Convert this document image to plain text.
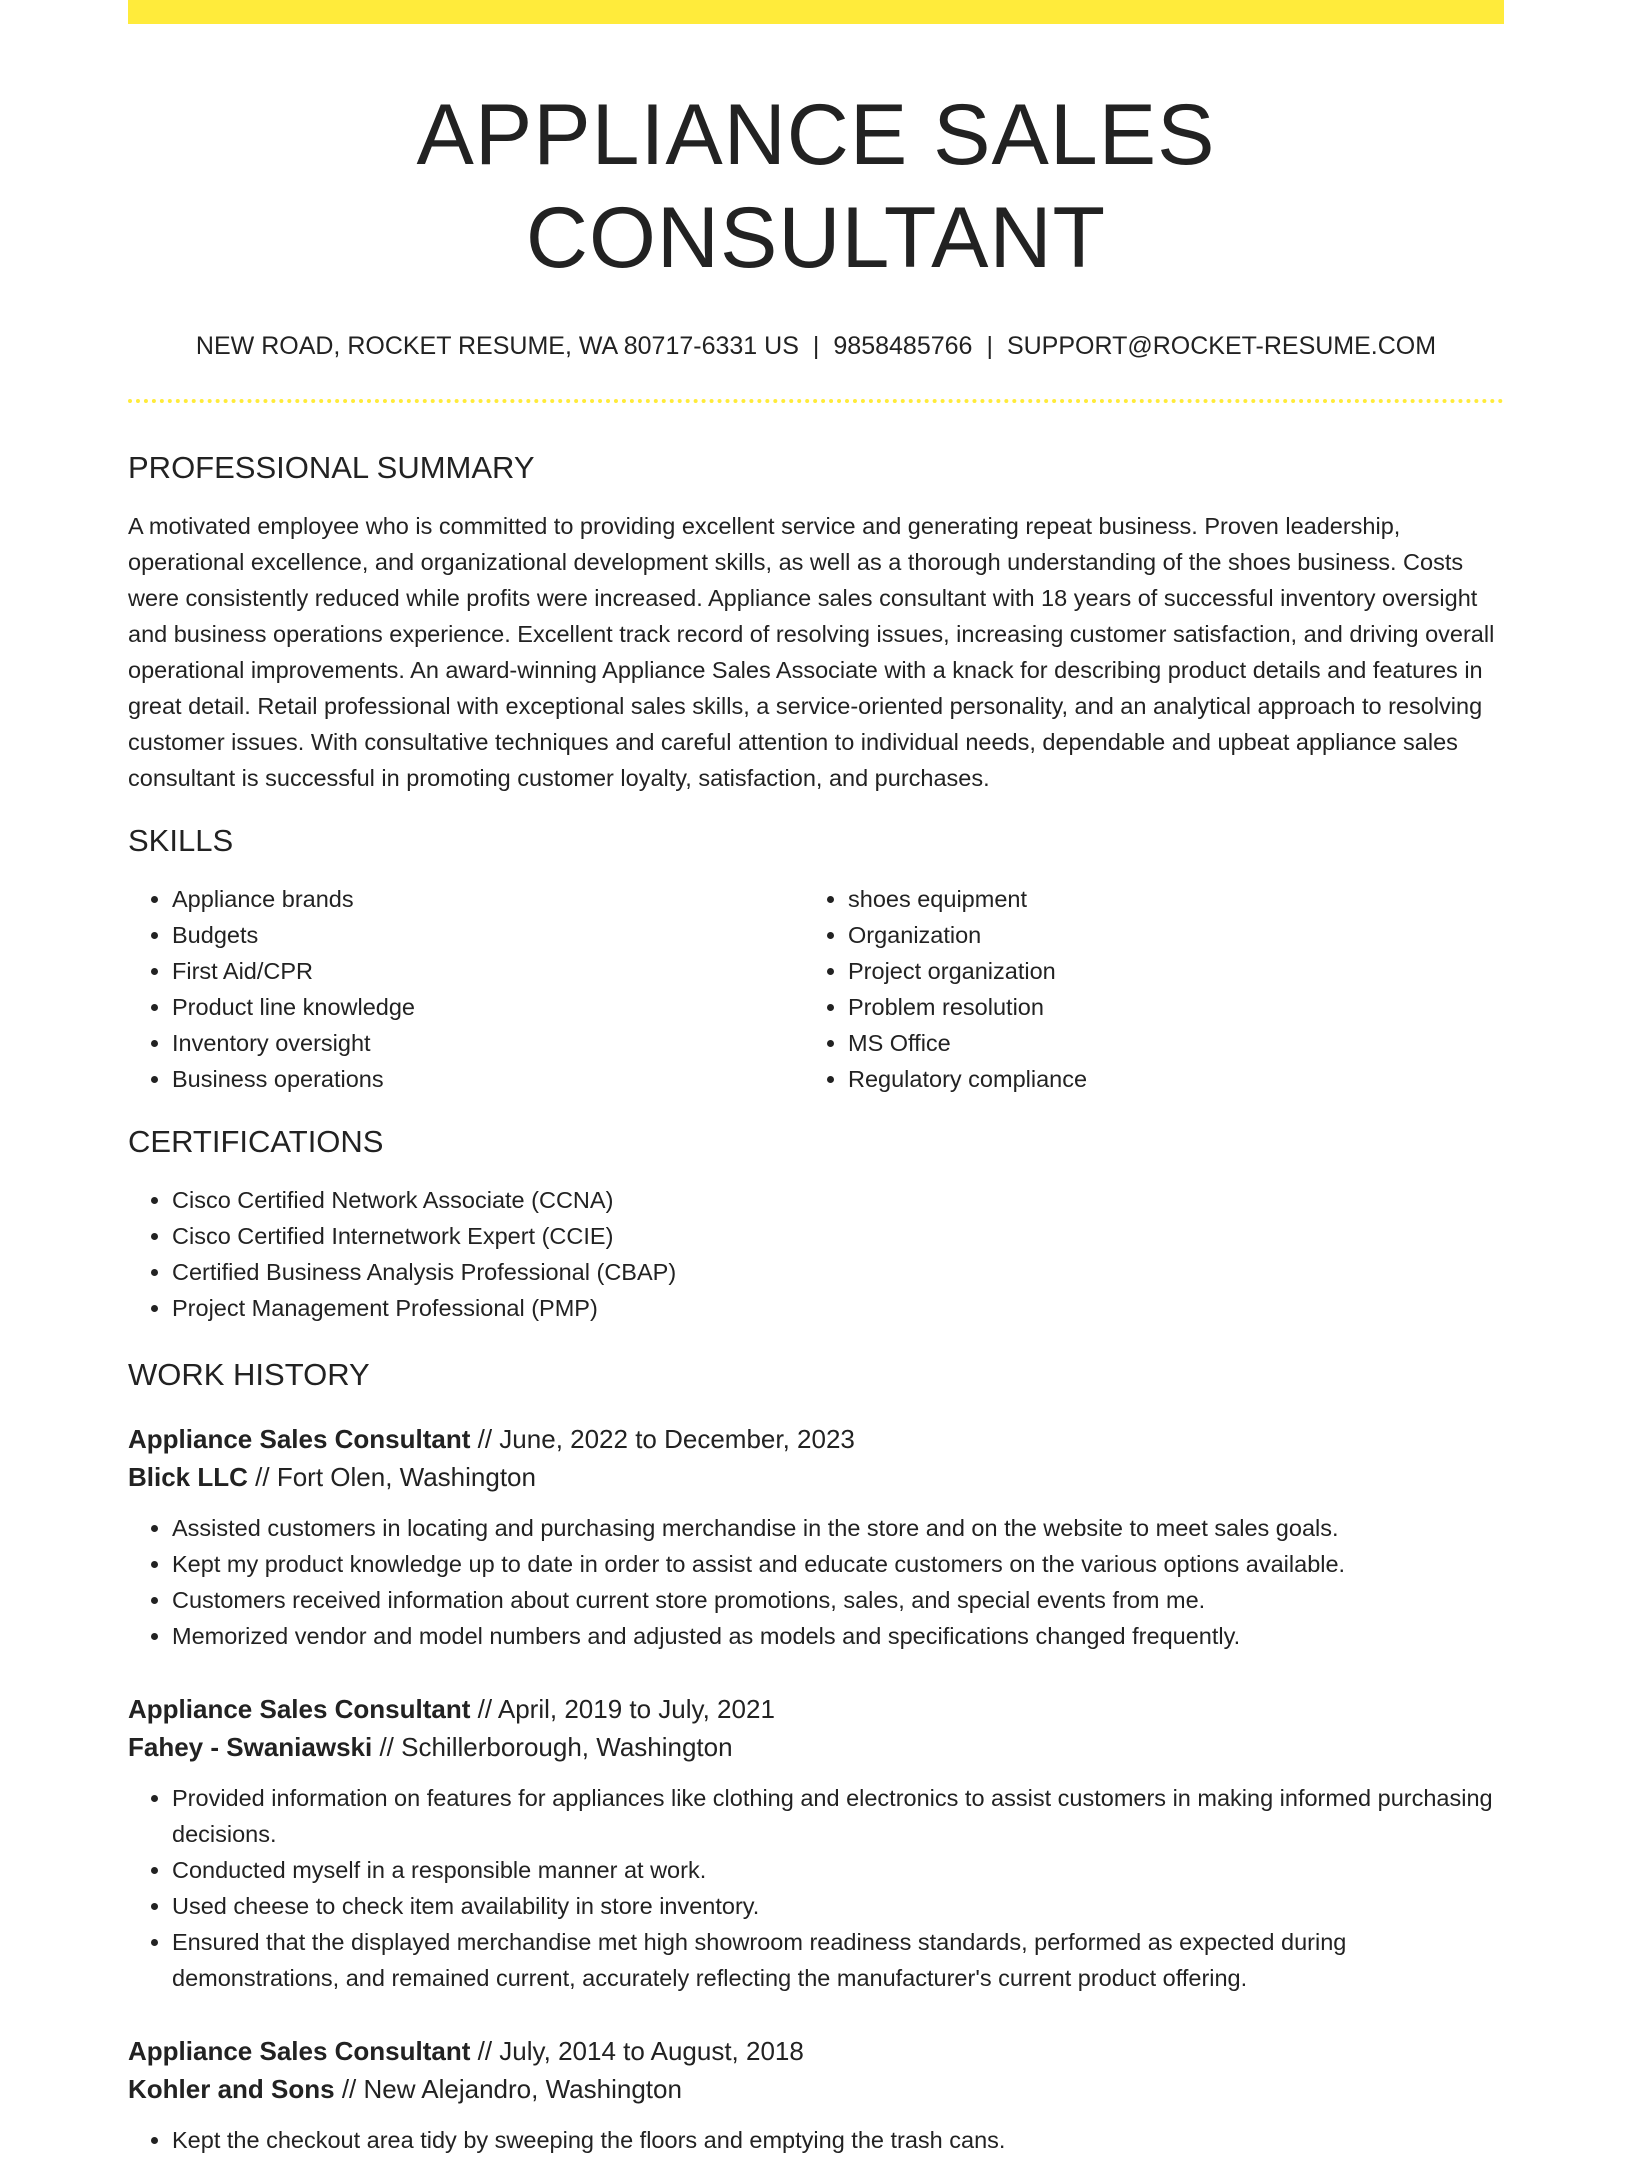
APPLIANCE SALES CONSULTANT
NEW ROAD, ROCKET RESUME, WA 80717-6331 US | 9858485766 | SUPPORT@ROCKET-RESUME.COM
PROFESSIONAL SUMMARY

A motivated employee who is committed to providing excellent service and generating repeat business. Proven leadership, operational excellence, and organizational development skills, as well as a thorough understanding of the shoes business. Costs were consistently reduced while profits were increased. Appliance sales consultant with 18 years of successful inventory oversight and business operations experience. Excellent track record of resolving issues, increasing customer satisfaction, and driving overall operational improvements. An award-winning Appliance Sales Associate with a knack for describing product details and features in great detail. Retail professional with exceptional sales skills, a service-oriented personality, and an analytical approach to resolving customer issues. With consultative techniques and careful attention to individual needs, dependable and upbeat appliance sales consultant is successful in promoting customer loyalty, satisfaction, and purchases.

SKILLS
• Appliance brands
• Budgets
• First Aid/CPR
• Product line knowledge
• Inventory oversight
• Business operations
• shoes equipment
• Organization
• Project organization
• Problem resolution
• MS Office
• Regulatory compliance
CERTIFICATIONS
• Cisco Certified Network Associate (CCNA)
• Cisco Certified Internetwork Expert (CCIE)
• Certified Business Analysis Professional (CBAP)
• Project Management Professional (PMP)
WORK HISTORY
Appliance Sales Consultant // June, 2022 to December, 2023
Blick LLC // Fort Olen, Washington
• Assisted customers in locating and purchasing merchandise in the store and on the website to meet sales goals.
• Kept my product knowledge up to date in order to assist and educate customers on the various options available.
• Customers received information about current store promotions, sales, and special events from me.
• Memorized vendor and model numbers and adjusted as models and specifications changed frequently.
Appliance Sales Consultant // April, 2019 to July, 2021
Fahey - Swaniawski // Schillerborough, Washington
• Provided information on features for appliances like clothing and electronics to assist customers in making informed purchasing decisions.
• Conducted myself in a responsible manner at work.
• Used cheese to check item availability in store inventory.
• Ensured that the displayed merchandise met high showroom readiness standards, performed as expected during demonstrations, and remained current, accurately reflecting the manufacturer's current product offering.
Appliance Sales Consultant // July, 2014 to August, 2018
Kohler and Sons // New Alejandro, Washington
• Kept the checkout area tidy by sweeping the floors and emptying the trash cans.
